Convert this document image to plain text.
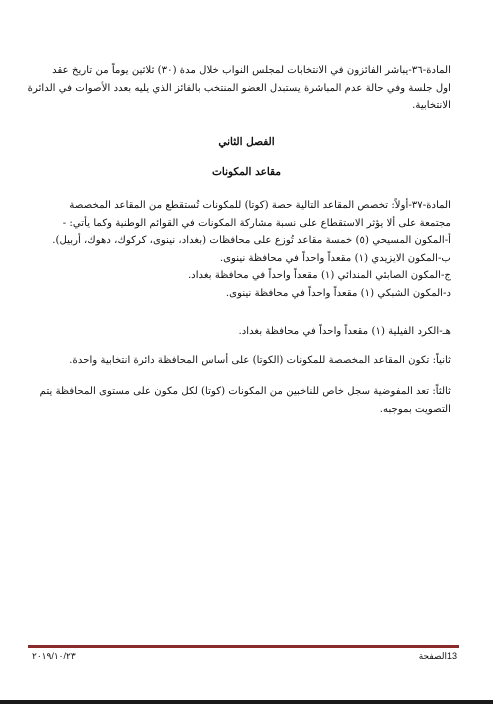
المادة-٣٦-يباشر الفائزون في الانتخابات لمجلس النواب خلال مدة (٣٠) ثلاثين يوماً من تاريخ عقد
اول جلسة وفي حالة عدم المباشرة يستبدل العضو المنتخب بالفائز الذي يليه بعدد الأصوات في الدائرة
الانتخابية.
الفصل الثاني
مقاعد المكونات
المادة-٣٧-أولاً: تخصص المقاعد التالية حصة (كوتا) للمكونات تُستقطع من المقاعد المخصصة
مجتمعة على ألا يؤثر الاستقطاع على نسبة مشاركة المكونات في القوائم الوطنية وكما يأتي: -
أ-المكون المسيحي (٥) خمسة مقاعد تُوزع على محافظات (بغداد، نينوى، كركوك، دهوك، أربيل).
ب-المكون الايزيدي (١) مقعداً واحداً في محافظة نينوى.
ج-المكون الصابئي المندائي (١) مقعداً واحداً في محافظة بغداد.
د-المكون الشبكي (١) مقعداً واحداً في محافظة نينوى.
هـ-الكرد الفيلية (١) مقعداً واحداً في محافظة بغداد.
ثانياً: تكون المقاعد المخصصة للمكونات (الكوتا) على أساس المحافظة دائرة انتخابية واحدة.
ثالثاً: تعد المفوضية سجل خاص للناخبين من المكونات (كوتا) لكل مكون على مستوى المحافظة يتم
التصويت بموجبه.
13الصفحة
٢٠١٩/١٠/٢٣
